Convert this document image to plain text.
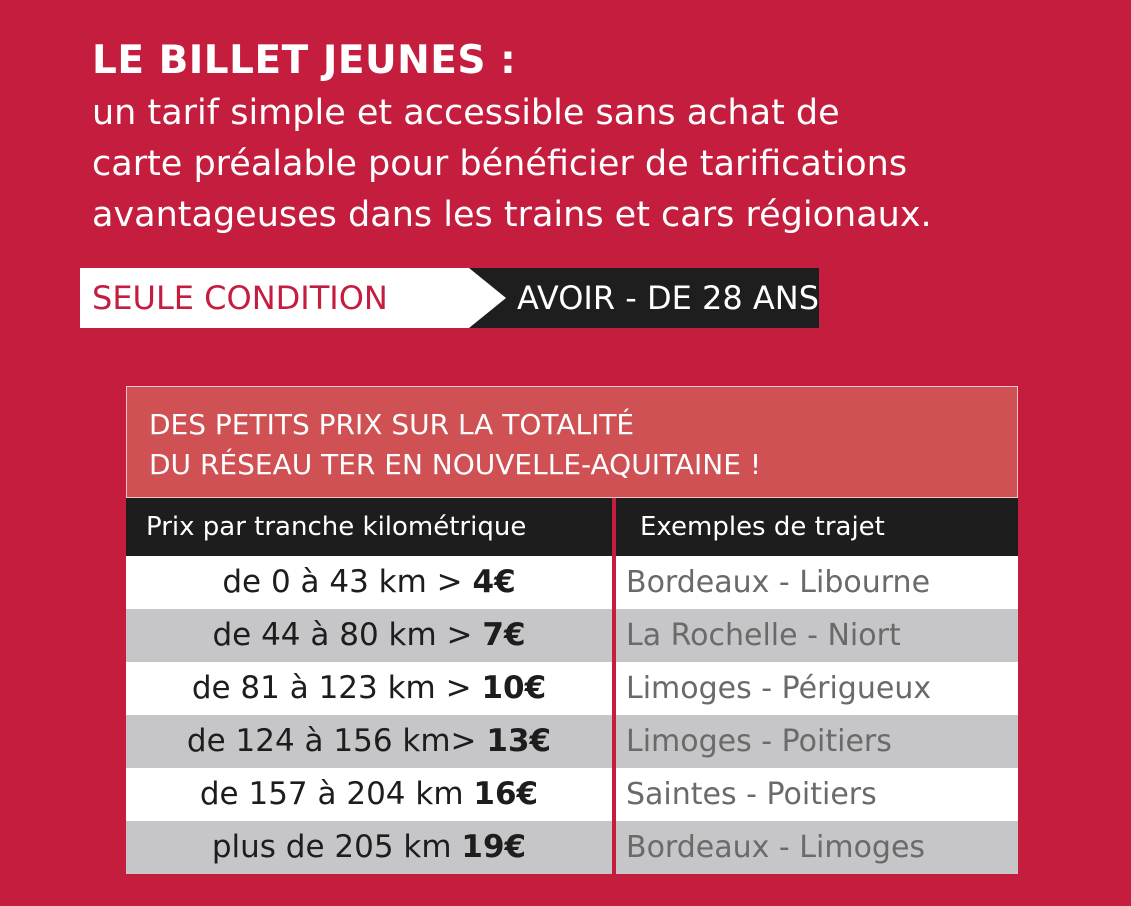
LE BILLET JEUNES :
un tarif simple et accessible sans achat de
carte préalable pour bénéficier de tarifications
avantageuses dans les trains et cars régionaux.
SEULE CONDITION	AVOIR - DE 28 ANS
DES PETITS PRIX SUR LA TOTALITÉ
DU RÉSEAU TER EN NOUVELLE-AQUITAINE !
Prix par tranche kilométrique	Exemples de trajet
de 0 à 43 km > 4€	Bordeaux - Libourne
de 44 à 80 km > 7€	La Rochelle - Niort
de 81 à 123 km > 10€	Limoges - Périgueux
de 124 à 156 km> 13€	Limoges - Poitiers
de 157 à 204 km 16€	Saintes - Poitiers
plus de 205 km 19€	Bordeaux - Limoges
